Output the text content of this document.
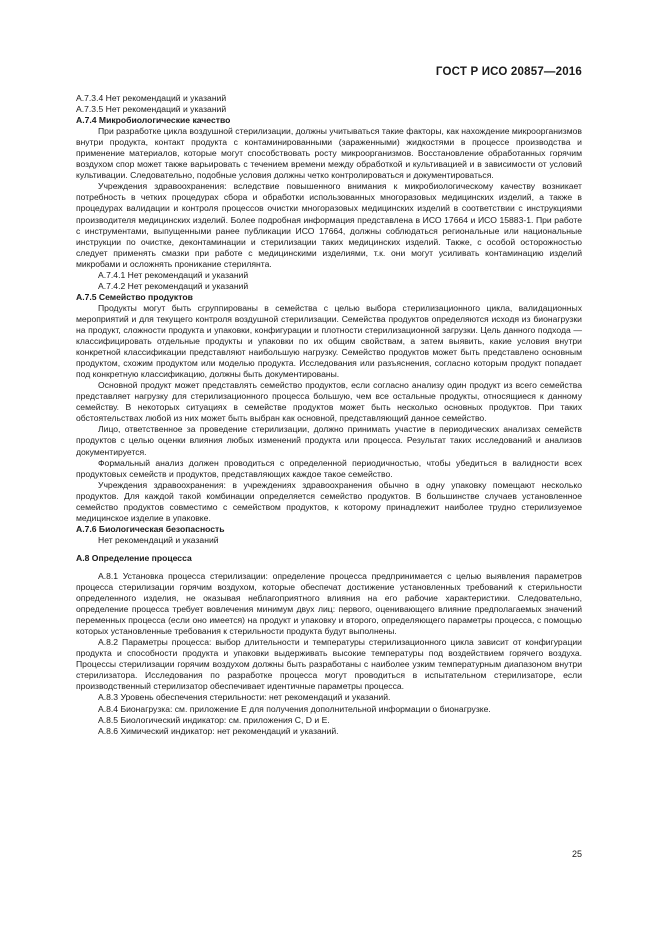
ГОСТ Р ИСО 20857—2016
А.7.3.4 Нет рекомендаций и указаний
А.7.3.5 Нет рекомендаций и указаний
А.7.4 Микробиологические качество

При разработке цикла воздушной стерилизации, должны учитываться такие факторы, как нахождение микроорганизмов внутри продукта, контакт продукта с контаминированными (зараженными) жидкостями в процессе производства и применение материалов, которые могут способствовать росту микроорганизмов. Восстановление обработанных горячим воздухом спор может также варьировать с течением времени между обработкой и культивацией и в зависимости от условий культивации. Следовательно, подобные условия должны четко контролироваться и документироваться.

Учреждения здравоохранения: вследствие повышенного внимания к микробиологическому качеству возникает потребность в четких процедурах сбора и обработки использованных многоразовых медицинских изделий, а также в процедурах валидации и контроля процессов очистки многоразовых медицинских изделий в соответствии с инструкциями производителя медицинских изделий. Более подробная информация представлена в ИСО 17664 и ИСО 15883-1. При работе с инструментами, выпущенными ранее публикации ИСО 17664, должны соблюдаться региональные или национальные инструкции по очистке, деконтаминации и стерилизации таких медицинских изделий. Также, с особой осторожностью следует применять смазки при работе с медицинскими изделиями, т.к. они могут усиливать контаминацию изделий микробами и осложнять проникание стерилянта.

А.7.4.1 Нет рекомендаций и указаний
А.7.4.2 Нет рекомендаций и указаний
А.7.5 Семейство продуктов

Продукты могут быть сгруппированы в семейства с целью выбора стерилизационного цикла, валидационных мероприятий и для текущего контроля воздушной стерилизации. Семейства продуктов определяются исходя из бионагрузки на продукт, сложности продукта и упаковки, конфигурации и плотности стерилизационной загрузки. Цель данного подхода — классифицировать отдельные продукты и упаковки по их общим свойствам, а затем выявить, какие условия внутри конкретной классификации представляют наибольшую нагрузку. Семейство продуктов может быть представлено основным продуктом, схожим продуктом или моделью продукта. Исследования или разъяснения, согласно которым продукт попадает под конкретную классификацию, должны быть документированы.

Основной продукт может представлять семейство продуктов, если согласно анализу один продукт из всего семейства представляет нагрузку для стерилизационного процесса большую, чем все остальные продукты, относящиеся к данному семейству. В некоторых ситуациях в семействе продуктов может быть несколько основных продуктов. При таких обстоятельствах любой из них может быть выбран как основной, представляющий данное семейство.

Лицо, ответственное за проведение стерилизации, должно принимать участие в периодических анализах семейств продуктов с целью оценки влияния любых изменений продукта или процесса. Результат таких исследований и анализов документируется.

Формальный анализ должен проводиться с определенной периодичностью, чтобы убедиться в валидности всех продуктовых семейств и продуктов, представляющих каждое такое семейство.

Учреждения здравоохранения: в учреждениях здравоохранения обычно в одну упаковку помещают несколько продуктов. Для каждой такой комбинации определяется семейство продуктов. В большинстве случаев установленное семейство продуктов совместимо с семейством продуктов, к которому принадлежит наиболее трудно стерилизуемое медицинское изделие в упаковке.

А.7.6 Биологическая безопасность
Нет рекомендаций и указаний
А.8 Определение процесса

А.8.1 Установка процесса стерилизации: определение процесса предпринимается с целью выявления параметров процесса стерилизации горячим воздухом, которые обеспечат достижение установленных требований к стерильности определенного изделия, не оказывая неблагоприятного влияния на его рабочие характеристики. Следовательно, определение процесса требует вовлечения минимум двух лиц: первого, оценивающего влияние предполагаемых значений переменных процесса (если оно имеется) на продукт и упаковку и второго, определяющего параметры процесса, с помощью которых установленные требования к стерильности продукта будут выполнены.

А.8.2 Параметры процесса: выбор длительности и температуры стерилизационного цикла зависит от конфигурации продукта и способности продукта и упаковки выдерживать высокие температуры под воздействием горячего воздуха. Процессы стерилизации горячим воздухом должны быть разработаны с наиболее узким температурным диапазоном внутри стерилизатора. Исследования по разработке процесса могут проводиться в испытательном стерилизаторе, если производственный стерилизатор обеспечивает идентичные параметры процесса.

А.8.3 Уровень обеспечения стерильности: нет рекомендаций и указаний.
А.8.4 Бионагрузка: см. приложение Е для получения дополнительной информации о бионагрузке.
А.8.5 Биологический индикатор: см. приложения С, D и Е.
А.8.6 Химический индикатор: нет рекомендаций и указаний.
25
